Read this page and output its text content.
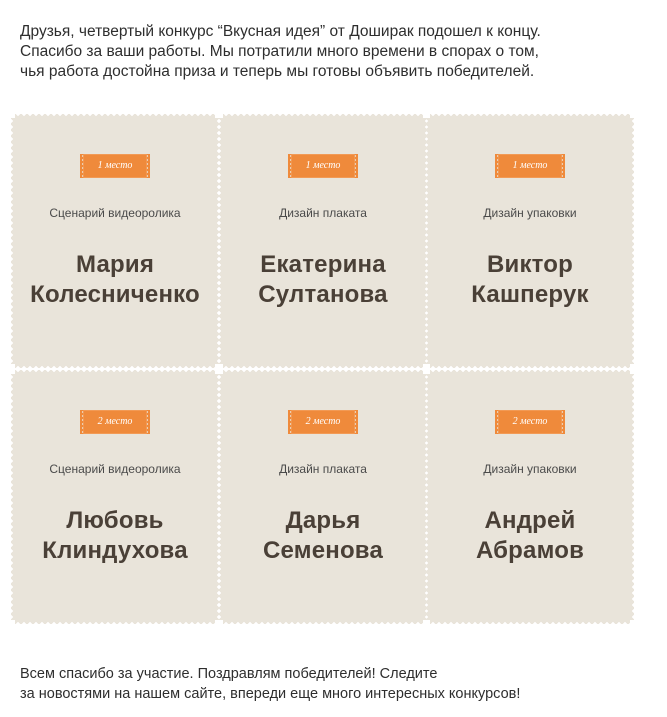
Друзья, четвертый конкурс “Вкусная идея” от Доширак подошел к концу.
Спасибо за ваши работы. Мы потратили много времени в спорах о том,
чья работа достойна приза и теперь мы готовы объявить победителей.
1 место
Сценарий видеоролика
Мария
Колесниченко
1 место
Дизайн плаката
Екатерина
Султанова
1 место
Дизайн упаковки
Виктор
Кашперук
2 место
Сценарий видеоролика
Любовь
Клиндухова
2 место
Дизайн плаката
Дарья
Семенова
2 место
Дизайн упаковки
Андрей
Абрамов
Всем спасибо за участие. Поздравлям победителей! Следите
за новостями на нашем сайте, впереди еще много интересных конкурсов!
